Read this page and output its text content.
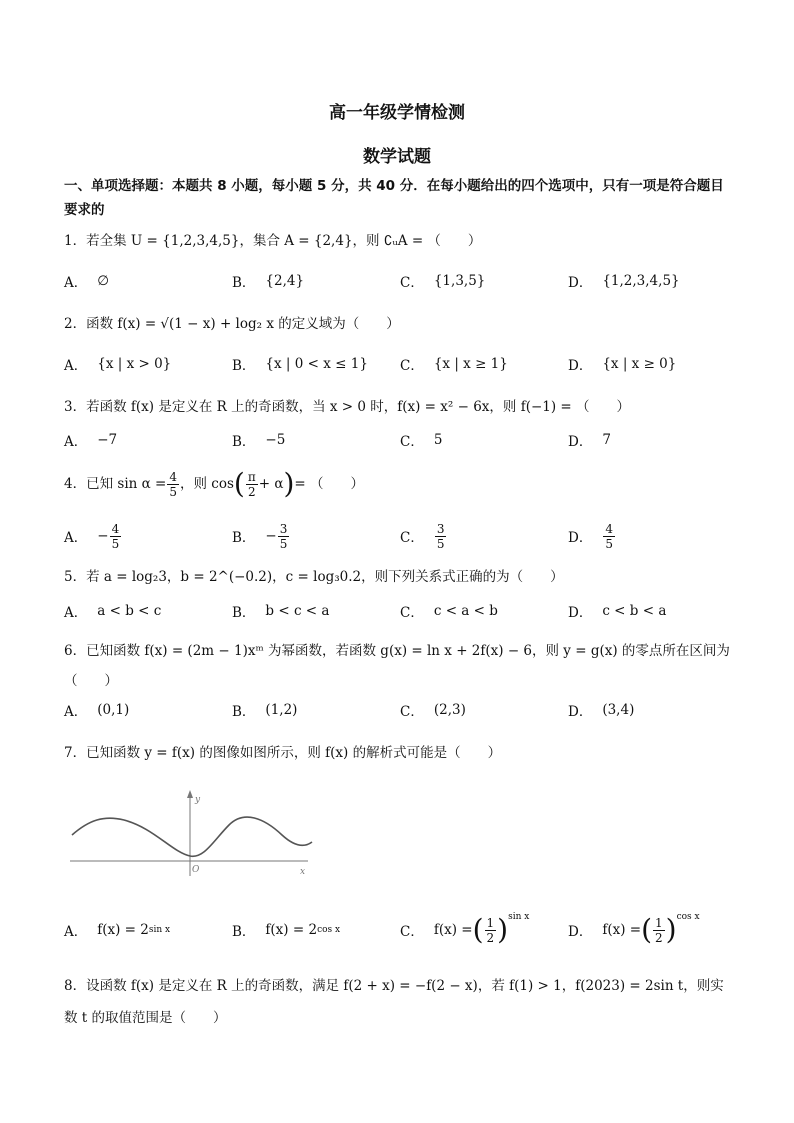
高一年级学情检测
数学试题
一、单项选择题：本题共 8 小题，每小题 5 分，共 40 分．在每小题给出的四个选项中，只有一项是符合题目要求的
1．若全集 U = {1,2,3,4,5}，集合 A = {2,4}，则 ∁ᵤA = （　　）
A． ∅	B． {2,4}	C． {1,3,5}	D． {1,2,3,4,5}
2．函数 f(x) = √(1 − x) + log₂ x 的定义域为（　　）
A． {x | x > 0}	B． {x | 0 < x ≤ 1} C． {x | x ≥ 1}	D． {x | x ≥ 0}
3．若函数 f(x) 是定义在 R 上的奇函数，当 x > 0 时，f(x) = x² − 6x，则 f(−1) = （　　）
A． −7	B． −5	C． 5	D． 7
4． 已知 $\sin \alpha = \frac{4}{5}$ ，则 cos ( $\frac{\pi}{2} + \alpha$ ) = （　　）
A． − $\frac{4}{5}$	B． − $\frac{3}{5}$	C． $\frac{3}{5}$	D． $\frac{4}{5}$
5．若 a = log₂3，b = 2^(−0.2)，c = log₃0.2，则下列关系式正确的为（　　）
A． a < b < c	B． b < c < a	C． c < a < b	D． c < b < a
6．已知函数 f(x) = (2m − 1)xᵐ 为幂函数，若函数 g(x) = ln x + 2f(x) − 6，则 y = g(x) 的零点所在区间为（　　）
A． (0,1)	B． (1,2)	C． (2,3)	D． (3,4)
7．已知函数 y = f(x) 的图像如图所示，则 f(x) 的解析式可能是（　　）
y
O	x
A． f(x) = 2 sin x	B． f(x) = 2 cos x	C． f(x) = ( $\frac{1}{2} )^{sin x}$
D． f(x) = ( $\frac{1}{2} )^{cos x}$
8．设函数 f(x) 是定义在 R 上的奇函数，满足 f(2 + x) = −f(2 − x)，若 f(1) > 1，f(2023) = 2sin t，则实数 t 的取值范围是（　　）
